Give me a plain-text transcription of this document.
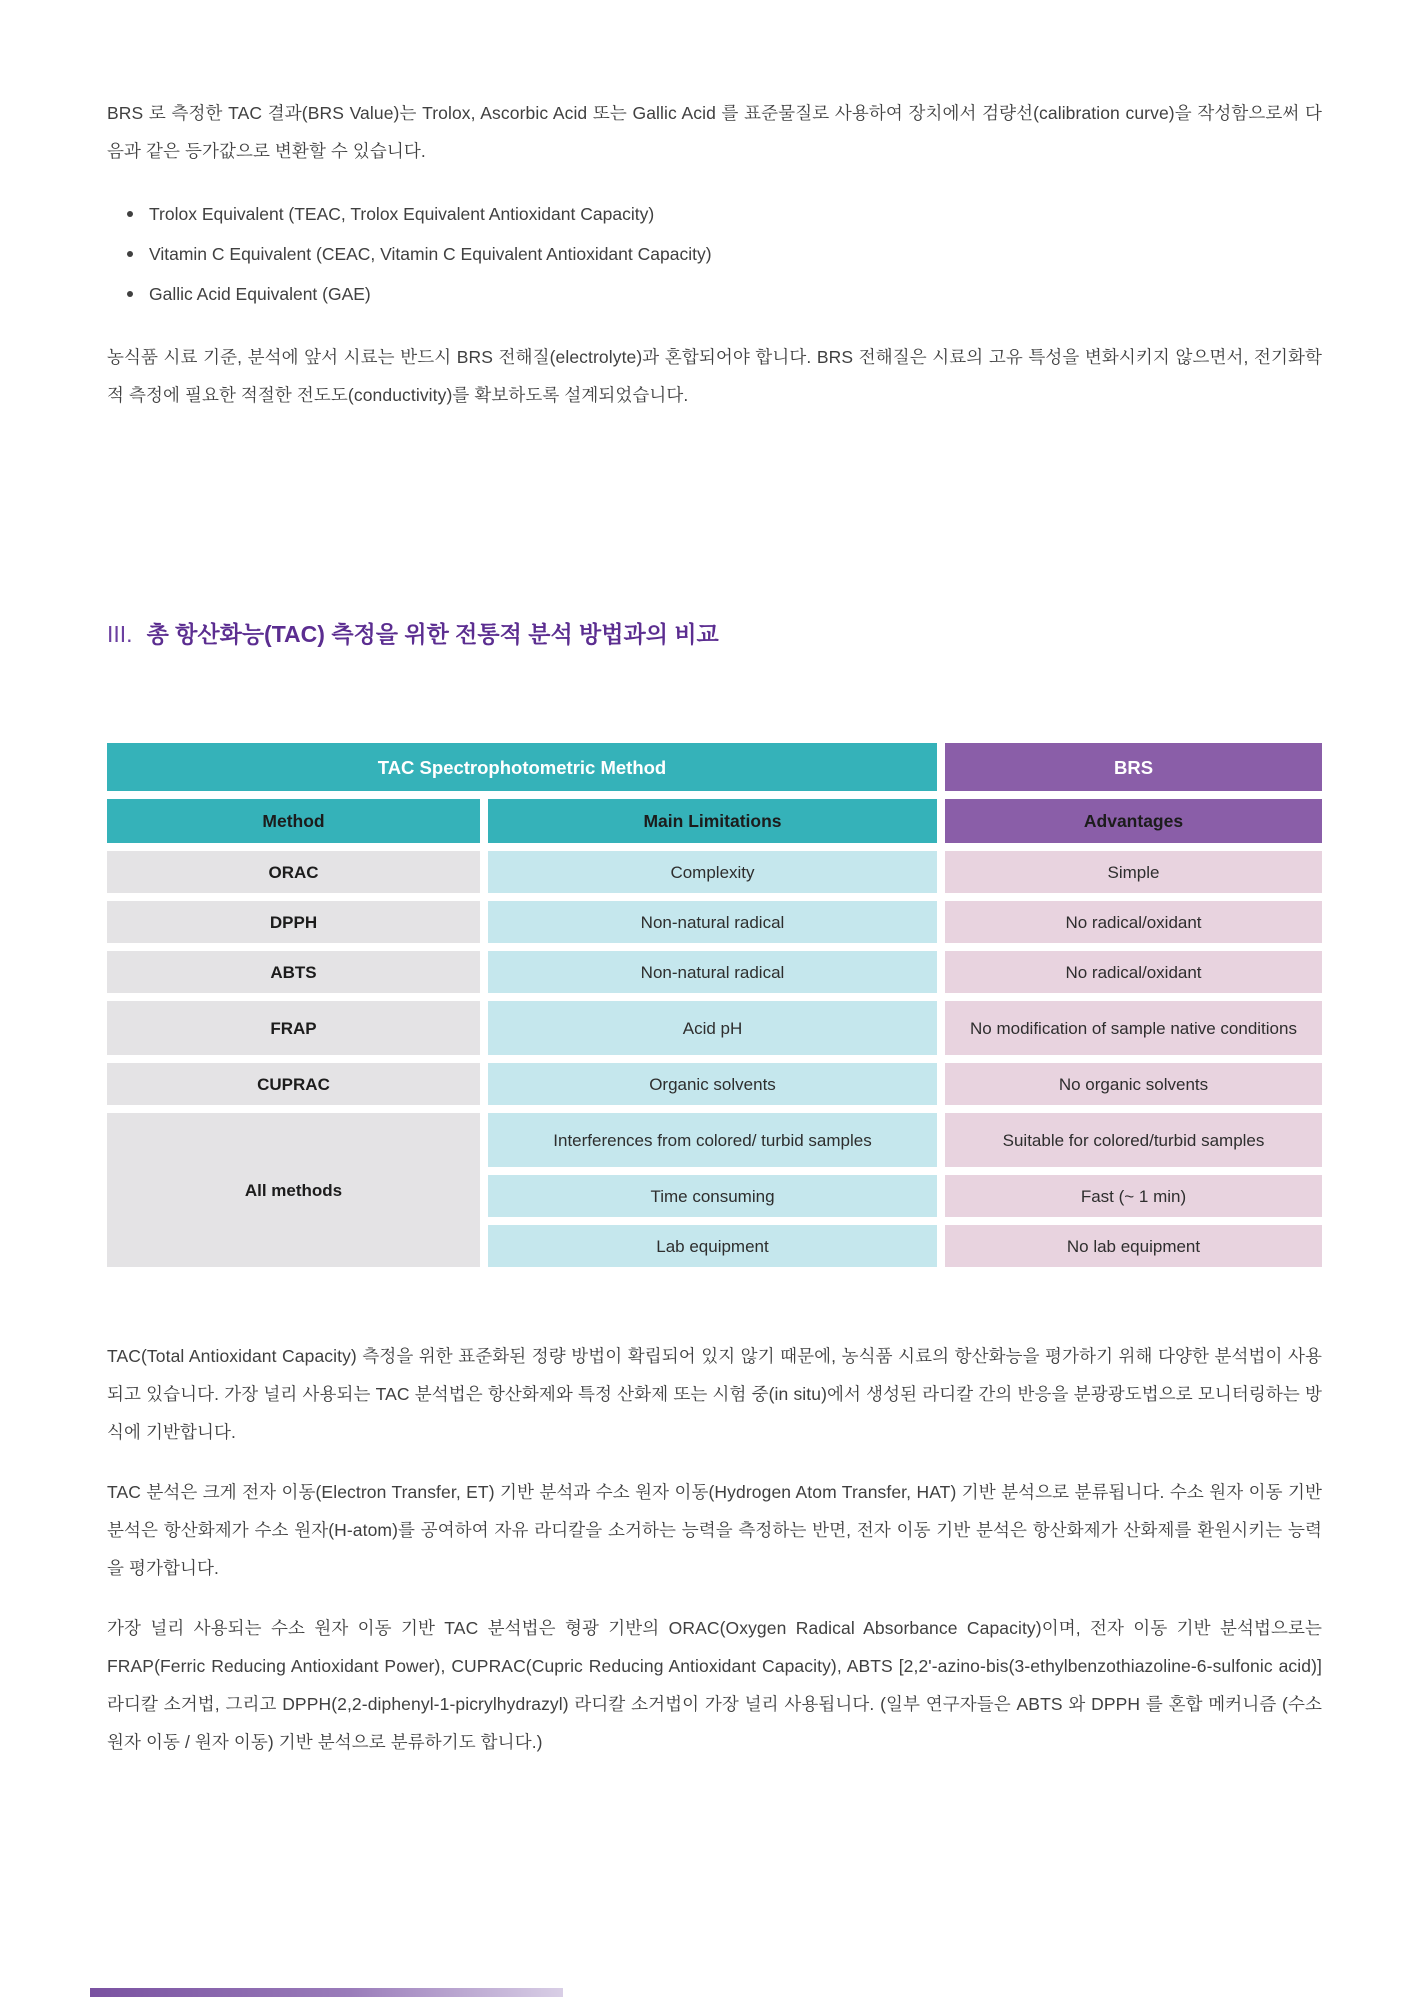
BRS 로 측정한 TAC 결과(BRS Value)는 Trolox, Ascorbic Acid 또는 Gallic Acid 를 표준물질로 사용하여 장치에서 검량선(calibration curve)을 작성함으로써 다음과 같은 등가값으로 변환할 수 있습니다.

Trolox Equivalent (TEAC, Trolox Equivalent Antioxidant Capacity)
Vitamin C Equivalent (CEAC, Vitamin C Equivalent Antioxidant Capacity)
Gallic Acid Equivalent (GAE)

농식품 시료 기준, 분석에 앞서 시료는 반드시 BRS 전해질(electrolyte)과 혼합되어야 합니다. BRS 전해질은 시료의 고유 특성을 변화시키지 않으면서, 전기화학적 측정에 필요한 적절한 전도도(conductivity)를 확보하도록 설계되었습니다.

III. 총 항산화능(TAC) 측정을 위한 전통적 분석 방법과의 비교
TAC Spectrophotometric Method	BRS
Method	Main Limitations	Advantages
ORAC	Complexity	Simple
DPPH	Non-natural radical	No radical/oxidant
ABTS	Non-natural radical	No radical/oxidant
FRAP	Acid pH	No modification of sample native conditions
CUPRAC	Organic solvents	No organic solvents
All methods
Interferences from colored/ turbid samples	Suitable for colored/turbid samples
Time consuming	Fast (~ 1 min)
Lab equipment	No lab equipment

TAC(Total Antioxidant Capacity) 측정을 위한 표준화된 정량 방법이 확립되어 있지 않기 때문에, 농식품 시료의 항산화능을 평가하기 위해 다양한 분석법이 사용되고 있습니다. 가장 널리 사용되는 TAC 분석법은 항산화제와 특정 산화제 또는 시험 중(in situ)에서 생성된 라디칼 간의 반응을 분광광도법으로 모니터링하는 방식에 기반합니다.

TAC 분석은 크게 전자 이동(Electron Transfer, ET) 기반 분석과 수소 원자 이동(Hydrogen Atom Transfer, HAT) 기반 분석으로 분류됩니다. 수소 원자 이동 기반 분석은 항산화제가 수소 원자(H-atom)를 공여하여 자유 라디칼을 소거하는 능력을 측정하는 반면, 전자 이동 기반 분석은 항산화제가 산화제를 환원시키는 능력을 평가합니다.

가장 널리 사용되는 수소 원자 이동 기반 TAC 분석법은 형광 기반의 ORAC(Oxygen Radical Absorbance Capacity)이며, 전자 이동 기반 분석법으로는 FRAP(Ferric Reducing Antioxidant Power), CUPRAC(Cupric Reducing Antioxidant Capacity), ABTS [2,2'-azino-bis(3-ethylbenzothiazoline-6-sulfonic acid)] 라디칼 소거법, 그리고 DPPH(2,2-diphenyl-1-picrylhydrazyl) 라디칼 소거법이 가장 널리 사용됩니다. (일부 연구자들은 ABTS 와 DPPH 를 혼합 메커니즘 (수소 원자 이동 / 원자 이동) 기반 분석으로 분류하기도 합니다.)
